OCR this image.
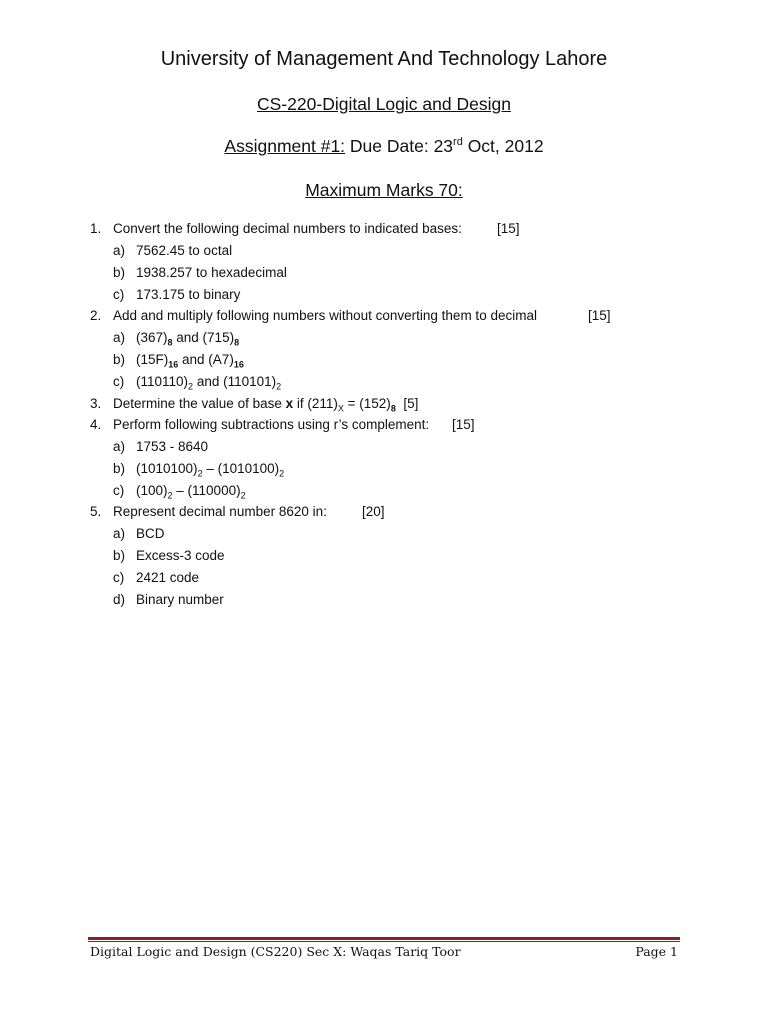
University of Management And Technology Lahore
CS-220-Digital Logic and Design
Assignment #1: Due Date: 23rd Oct, 2012
Maximum Marks 70:
1. Convert the following decimal numbers to indicated bases:	[15]
a) 7562.45 to octal
b) 1938.257 to hexadecimal
c) 173.175 to binary
2. Add and multiply following numbers without converting them to decimal	[15]
a) $(367)_8$ and $(715)_8$
b) $(15F)_{16}$ and $(A7)_{16}$
c) $(110110)_2$ and $(110101)_2$
3. Determine the value of base x if $(211)_X = (152)_8$ [5]
4. Perform following subtractions using r’s complement: [15]
a) 1753 - 8640
b) $(1010100)_2 - (1010100)_2$
c) $(100)_2 - (110000)_2$
5. Represent decimal number 8620 in:	[20]
a) BCD
b) Excess-3 code
c) 2421 code
d) Binary number
Digital Logic and Design (CS220) Sec X: Waqas Tariq Toor	Page 1
